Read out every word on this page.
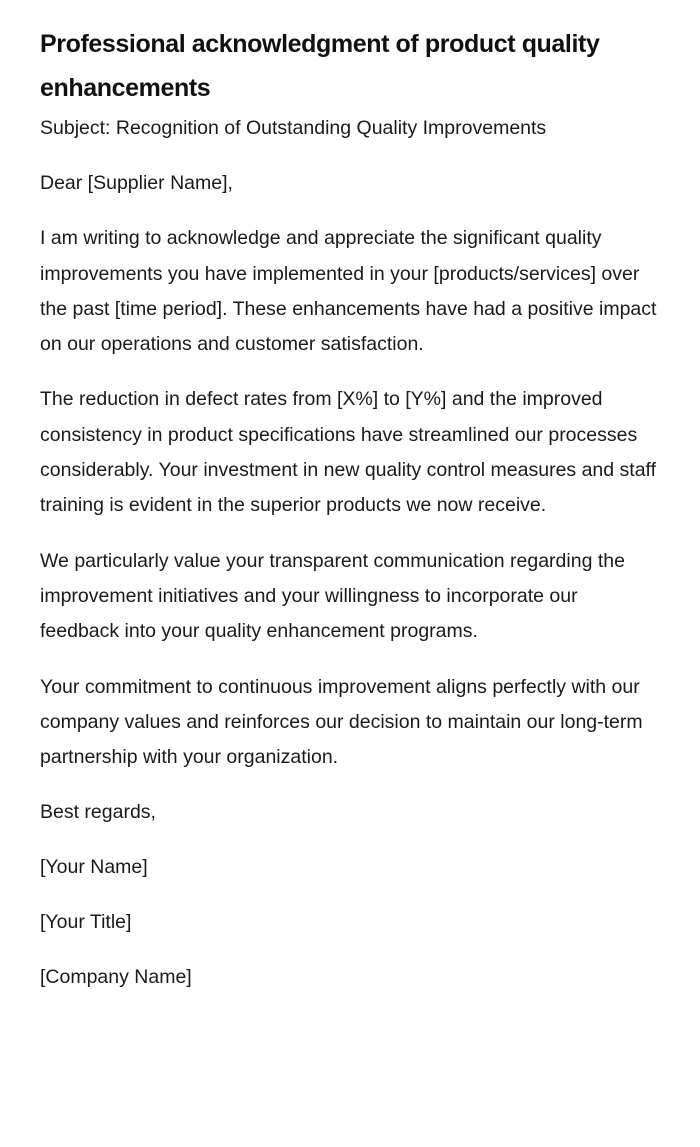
Professional acknowledgment of product quality enhancements

Subject: Recognition of Outstanding Quality Improvements

Dear [Supplier Name],

I am writing to acknowledge and appreciate the significant quality improvements you have implemented in your [products/services] over the past [time period]. These enhancements have had a positive impact on our operations and customer satisfaction.

The reduction in defect rates from [X%] to [Y%] and the improved consistency in product specifications have streamlined our processes considerably. Your investment in new quality control measures and staff training is evident in the superior products we now receive.

We particularly value your transparent communication regarding the improvement initiatives and your willingness to incorporate our feedback into your quality enhancement programs.

Your commitment to continuous improvement aligns perfectly with our company values and reinforces our decision to maintain our long-term partnership with your organization.

Best regards,

[Your Name]

[Your Title]

[Company Name]
